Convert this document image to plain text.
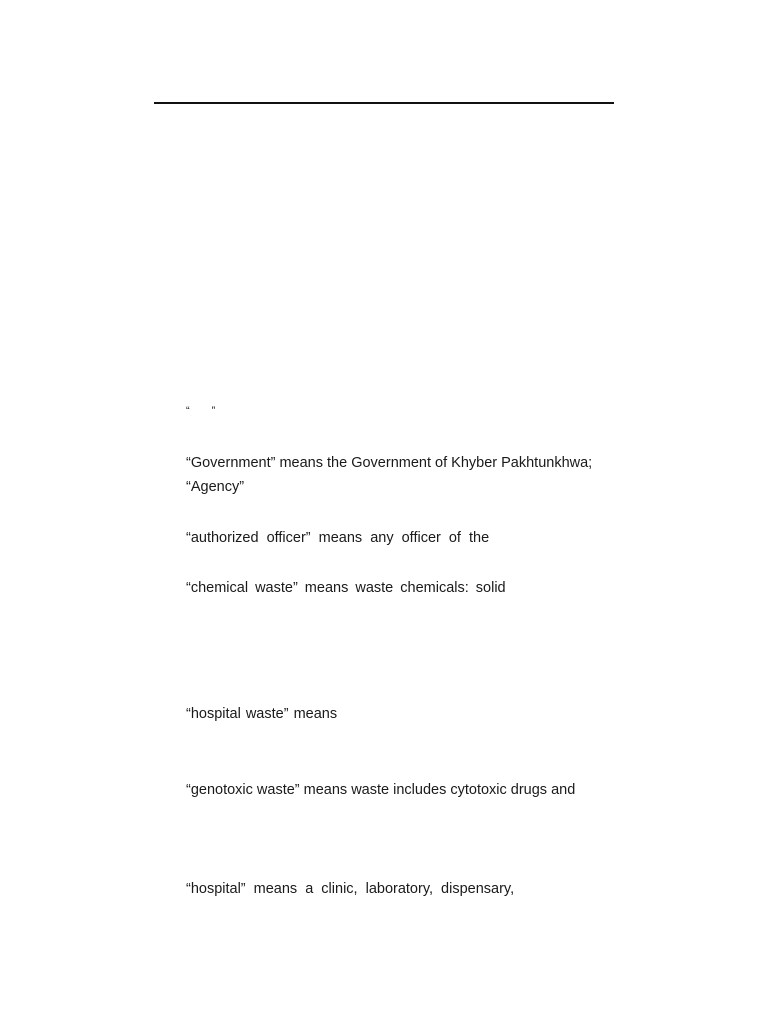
“ ”
“Government” means the Government of Khyber Pakhtunkhwa;
“Agency”
“authorized officer” means any officer of the
“chemical waste” means waste chemicals: solid
“hospital waste” means
“genotoxic waste” means waste includes cytotoxic drugs and
“hospital” means a clinic, laboratory, dispensary,
